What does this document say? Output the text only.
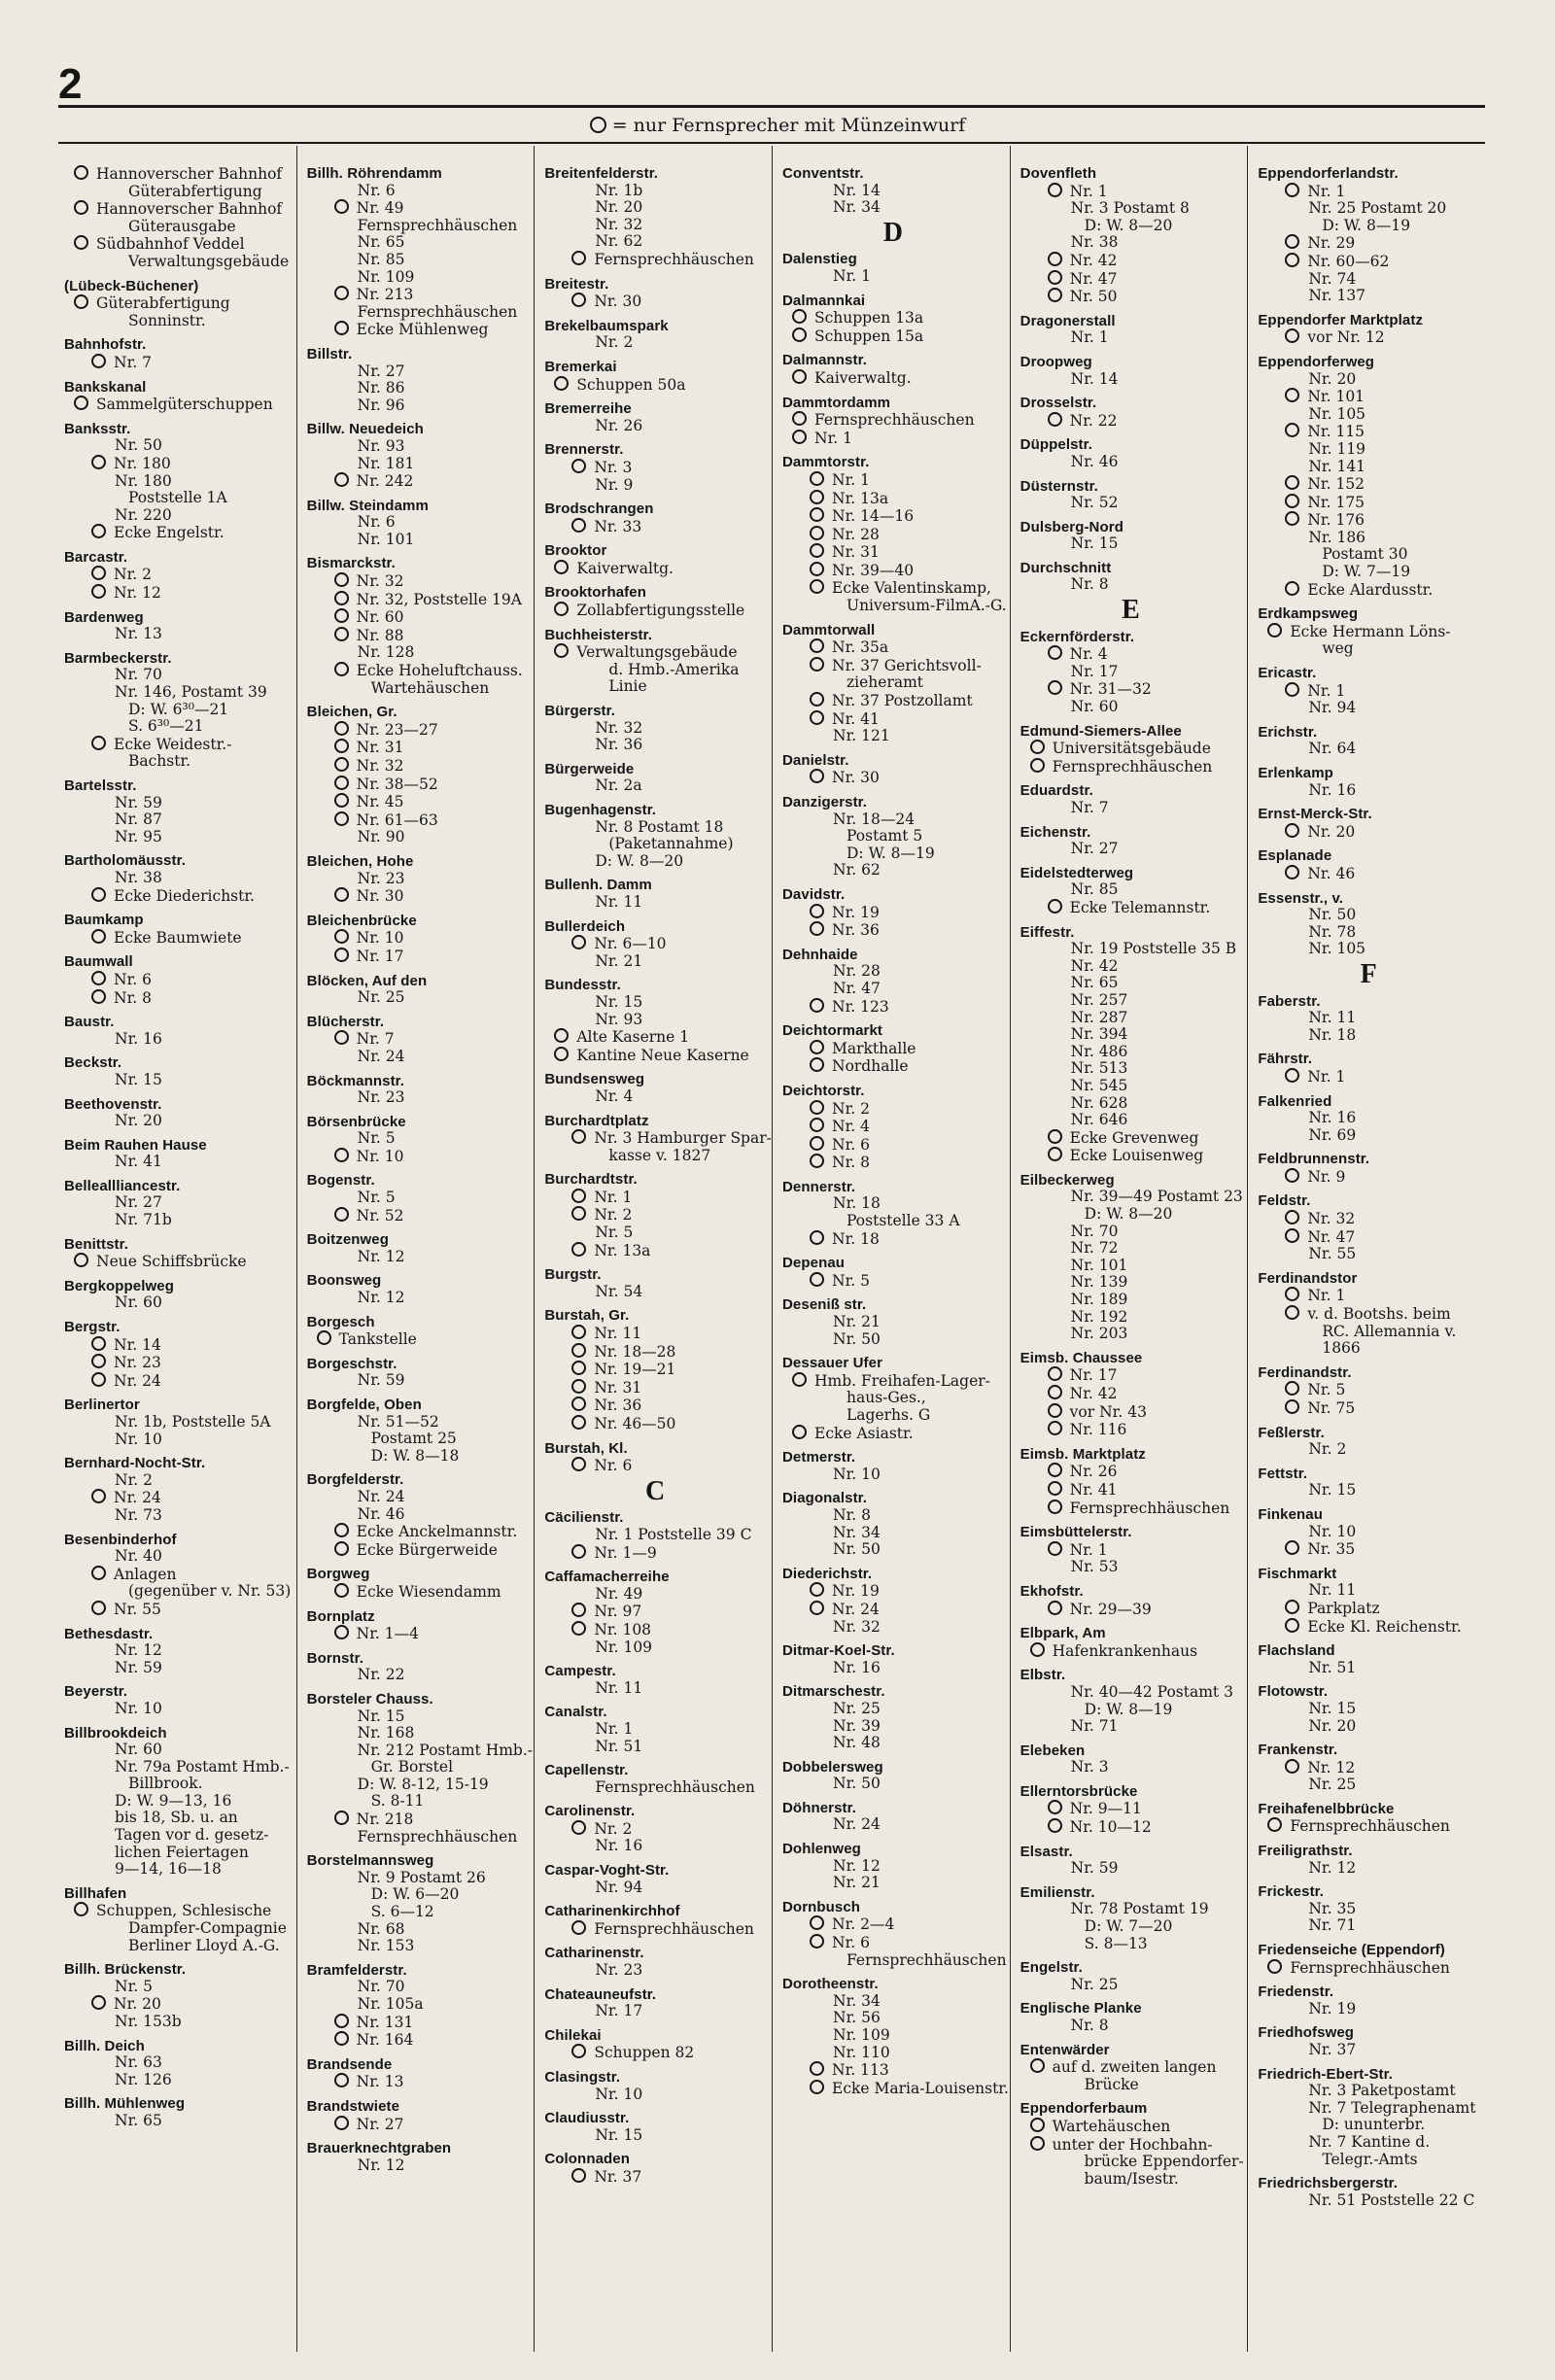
2
= nur Fernsprecher mit Münzeinwurf
Hannoverscher Bahnhof
Güterabfertigung
Hannoverscher Bahnhof
Güterausgabe
Südbahnhof Veddel
Verwaltungsgebäude
(Lübeck-Büchener)
Güterabfertigung
Sonninstr.
Bahnhofstr.
Nr. 7
Bankskanal
Sammelgüterschuppen
Banksstr.
Nr. 50
Nr. 180
Nr. 180
Poststelle 1A
Nr. 220
Ecke Engelstr.
Barcastr.
Nr. 2
Nr. 12
Bardenweg
Nr. 13
Barmbeckerstr.
Nr. 70
Nr. 146, Postamt 39
D: W. 6³⁰—21
S. 6³⁰—21
Ecke Weidestr.-
Bachstr.
Bartelsstr.
Nr. 59
Nr. 87
Nr. 95
Bartholomäusstr.
Nr. 38
Ecke Diederichstr.
Baumkamp
Ecke Baumwiete
Baumwall
Nr. 6
Nr. 8
Baustr.
Nr. 16
Beckstr.
Nr. 15
Beethovenstr.
Nr. 20
Beim Rauhen Hause
Nr. 41
Belleallliancestr.
Nr. 27
Nr. 71b
Benittstr.
Neue Schiffsbrücke
Bergkoppelweg
Nr. 60
Bergstr.
Nr. 14
Nr. 23
Nr. 24
Berlinertor
Nr. 1b, Poststelle 5A
Nr. 10
Bernhard-Nocht-Str.
Nr. 2
Nr. 24
Nr. 73
Besenbinderhof
Nr. 40
Anlagen
(gegenüber v. Nr. 53)
Nr. 55
Bethesdastr.
Nr. 12
Nr. 59
Beyerstr.
Nr. 10
Billbrookdeich
Nr. 60
Nr. 79a Postamt Hmb.-
Billbrook.
D: W. 9—13, 16
bis 18, Sb. u. an
Tagen vor d. gesetz-
lichen Feiertagen
9—14, 16—18
Billhafen
Schuppen, Schlesische
Dampfer-Compagnie
Berliner Lloyd A.-G.
Billh. Brückenstr.
Nr. 5
Nr. 20
Nr. 153b
Billh. Deich
Nr. 63
Nr. 126
Billh. Mühlenweg
Nr. 65
Billh. Röhrendamm
Nr. 6
Nr. 49
Fernsprechhäuschen
Nr. 65
Nr. 85
Nr. 109
Nr. 213
Fernsprechhäuschen
Ecke Mühlenweg
Billstr.
Nr. 27
Nr. 86
Nr. 96
Billw. Neuedeich
Nr. 93
Nr. 181
Nr. 242
Billw. Steindamm
Nr. 6
Nr. 101
Bismarckstr.
Nr. 32
Nr. 32, Poststelle 19A
Nr. 60
Nr. 88
Nr. 128
Ecke Hoheluftchauss.
Wartehäuschen
Bleichen, Gr.
Nr. 23—27
Nr. 31
Nr. 32
Nr. 38—52
Nr. 45
Nr. 61—63
Nr. 90
Bleichen, Hohe
Nr. 23
Nr. 30
Bleichenbrücke
Nr. 10
Nr. 17
Blöcken, Auf den
Nr. 25
Blücherstr.
Nr. 7
Nr. 24
Böckmannstr.
Nr. 23
Börsenbrücke
Nr. 5
Nr. 10
Bogenstr.
Nr. 5
Nr. 52
Boitzenweg
Nr. 12
Boonsweg
Nr. 12
Borgesch
Tankstelle
Borgeschstr.
Nr. 59
Borgfelde, Oben
Nr. 51—52
Postamt 25
D: W. 8—18
Borgfelderstr.
Nr. 24
Nr. 46
Ecke Anckelmannstr.
Ecke Bürgerweide
Borgweg
Ecke Wiesendamm
Bornplatz
Nr. 1—4
Bornstr.
Nr. 22
Borsteler Chauss.
Nr. 15
Nr. 168
Nr. 212 Postamt Hmb.-
Gr. Borstel
D: W. 8-12, 15-19
S. 8-11
Nr. 218
Fernsprechhäuschen
Borstelmannsweg
Nr. 9 Postamt 26
D: W. 6—20
S. 6—12
Nr. 68
Nr. 153
Bramfelderstr.
Nr. 70
Nr. 105a
Nr. 131
Nr. 164
Brandsende
Nr. 13
Brandstwiete
Nr. 27
Brauerknechtgraben
Nr. 12
Breitenfelderstr.
Nr. 1b
Nr. 20
Nr. 32
Nr. 62
Fernsprechhäuschen
Breitestr.
Nr. 30
Brekelbaumspark
Nr. 2
Bremerkai
Schuppen 50a
Bremerreihe
Nr. 26
Brennerstr.
Nr. 3
Nr. 9
Brodschrangen
Nr. 33
Brooktor
Kaiverwaltg.
Brooktorhafen
Zollabfertigungsstelle
Buchheisterstr.
Verwaltungsgebäude
d. Hmb.-Amerika
Linie
Bürgerstr.
Nr. 32
Nr. 36
Bürgerweide
Nr. 2a
Bugenhagenstr.
Nr. 8 Postamt 18
(Paketannahme)
D: W. 8—20
Bullenh. Damm
Nr. 11
Bullerdeich
Nr. 6—10
Nr. 21
Bundesstr.
Nr. 15
Nr. 93
Alte Kaserne 1
Kantine Neue Kaserne
Bundsensweg
Nr. 4
Burchardtplatz
Nr. 3 Hamburger Spar-
kasse v. 1827
Burchardtstr.
Nr. 1
Nr. 2
Nr. 5
Nr. 13a
Burgstr.
Nr. 54
Burstah, Gr.
Nr. 11
Nr. 18—28
Nr. 19—21
Nr. 31
Nr. 36
Nr. 46—50
Burstah, Kl.
Nr. 6
C
Cäcilienstr.
Nr. 1 Poststelle 39 C
Nr. 1—9
Caffamacherreihe
Nr. 49
Nr. 97
Nr. 108
Nr. 109
Campestr.
Nr. 11
Canalstr.
Nr. 1
Nr. 51
Capellenstr.
Fernsprechhäuschen
Carolinenstr.
Nr. 2
Nr. 16
Caspar-Voght-Str.
Nr. 94
Catharinenkirchhof
Fernsprechhäuschen
Catharinenstr.
Nr. 23
Chateauneufstr.
Nr. 17
Chilekai
Schuppen 82
Clasingstr.
Nr. 10
Claudiusstr.
Nr. 15
Colonnaden
Nr. 37
Conventstr.
Nr. 14
Nr. 34
D
Dalenstieg
Nr. 1
Dalmannkai
Schuppen 13a
Schuppen 15a
Dalmannstr.
Kaiverwaltg.
Dammtordamm
Fernsprechhäuschen
Nr. 1
Dammtorstr.
Nr. 1
Nr. 13a
Nr. 14—16
Nr. 28
Nr. 31
Nr. 39—40
Ecke Valentinskamp,
Universum-FilmA.-G.
Dammtorwall
Nr. 35a
Nr. 37 Gerichtsvoll-
zieheramt
Nr. 37 Postzollamt
Nr. 41
Nr. 121
Danielstr.
Nr. 30
Danzigerstr.
Nr. 18—24
Postamt 5
D: W. 8—19
Nr. 62
Davidstr.
Nr. 19
Nr. 36
Dehnhaide
Nr. 28
Nr. 47
Nr. 123
Deichtormarkt
Markthalle
Nordhalle
Deichtorstr.
Nr. 2
Nr. 4
Nr. 6
Nr. 8
Dennerstr.
Nr. 18
Poststelle 33 A
Nr. 18
Depenau
Nr. 5
Deseniß str.
Nr. 21
Nr. 50
Dessauer Ufer
Hmb. Freihafen-Lager-
haus-Ges.,
Lagerhs. G
Ecke Asiastr.
Detmerstr.
Nr. 10
Diagonalstr.
Nr. 8
Nr. 34
Nr. 50
Diederichstr.
Nr. 19
Nr. 24
Nr. 32
Ditmar-Koel-Str.
Nr. 16
Ditmarschestr.
Nr. 25
Nr. 39
Nr. 48
Dobbelersweg
Nr. 50
Döhnerstr.
Nr. 24
Dohlenweg
Nr. 12
Nr. 21
Dornbusch
Nr. 2—4
Nr. 6
Fernsprechhäuschen
Dorotheenstr.
Nr. 34
Nr. 56
Nr. 109
Nr. 110
Nr. 113
Ecke Maria-Louisenstr.
Dovenfleth
Nr. 1
Nr. 3 Postamt 8
D: W. 8—20
Nr. 38
Nr. 42
Nr. 47
Nr. 50
Dragonerstall
Nr. 1
Droopweg
Nr. 14
Drosselstr.
Nr. 22
Düppelstr.
Nr. 46
Düsternstr.
Nr. 52
Dulsberg-Nord
Nr. 15
Durchschnitt
Nr. 8
E
Eckernförderstr.
Nr. 4
Nr. 17
Nr. 31—32
Nr. 60
Edmund-Siemers-Allee
Universitätsgebäude
Fernsprechhäuschen
Eduardstr.
Nr. 7
Eichenstr.
Nr. 27
Eidelstedterweg
Nr. 85
Ecke Telemannstr.
Eiffestr.
Nr. 19 Poststelle 35 B
Nr. 42
Nr. 65
Nr. 257
Nr. 287
Nr. 394
Nr. 486
Nr. 513
Nr. 545
Nr. 628
Nr. 646
Ecke Grevenweg
Ecke Louisenweg
Eilbeckerweg
Nr. 39—49 Postamt 23
D: W. 8—20
Nr. 70
Nr. 72
Nr. 101
Nr. 139
Nr. 189
Nr. 192
Nr. 203
Eimsb. Chaussee
Nr. 17
Nr. 42
vor Nr. 43
Nr. 116
Eimsb. Marktplatz
Nr. 26
Nr. 41
Fernsprechhäuschen
Eimsbüttelerstr.
Nr. 1
Nr. 53
Ekhofstr.
Nr. 29—39
Elbpark, Am
Hafenkrankenhaus
Elbstr.
Nr. 40—42 Postamt 3
D: W. 8—19
Nr. 71
Elebeken
Nr. 3
Ellerntorsbrücke
Nr. 9—11
Nr. 10—12
Elsastr.
Nr. 59
Emilienstr.
Nr. 78 Postamt 19
D: W. 7—20
S. 8—13
Engelstr.
Nr. 25
Englische Planke
Nr. 8
Entenwärder
auf d. zweiten langen
Brücke
Eppendorferbaum
Wartehäuschen
unter der Hochbahn-
brücke Eppendorfer-
baum/Isestr.
Eppendorferlandstr.
Nr. 1
Nr. 25 Postamt 20
D: W. 8—19
Nr. 29
Nr. 60—62
Nr. 74
Nr. 137
Eppendorfer Marktplatz
vor Nr. 12
Eppendorferweg
Nr. 20
Nr. 101
Nr. 105
Nr. 115
Nr. 119
Nr. 141
Nr. 152
Nr. 175
Nr. 176
Nr. 186
Postamt 30
D: W. 7—19
Ecke Alardusstr.
Erdkampsweg
Ecke Hermann Löns-
weg
Ericastr.
Nr. 1
Nr. 94
Erichstr.
Nr. 64
Erlenkamp
Nr. 16
Ernst-Merck-Str.
Nr. 20
Esplanade
Nr. 46
Essenstr., v.
Nr. 50
Nr. 78
Nr. 105
F
Faberstr.
Nr. 11
Nr. 18
Fährstr.
Nr. 1
Falkenried
Nr. 16
Nr. 69
Feldbrunnenstr.
Nr. 9
Feldstr.
Nr. 32
Nr. 47
Nr. 55
Ferdinandstor
Nr. 1
v. d. Bootshs. beim
RC. Allemannia v.
1866
Ferdinandstr.
Nr. 5
Nr. 75
Feßlerstr.
Nr. 2
Fettstr.
Nr. 15
Finkenau
Nr. 10
Nr. 35
Fischmarkt
Nr. 11
Parkplatz
Ecke Kl. Reichenstr.
Flachsland
Nr. 51
Flotowstr.
Nr. 15
Nr. 20
Frankenstr.
Nr. 12
Nr. 25
Freihafenelbbrücke
Fernsprechhäuschen
Freiligrathstr.
Nr. 12
Frickestr.
Nr. 35
Nr. 71
Friedenseiche (Eppendorf)
Fernsprechhäuschen
Friedenstr.
Nr. 19
Friedhofsweg
Nr. 37
Friedrich-Ebert-Str.
Nr. 3 Paketpostamt
Nr. 7 Telegraphenamt
D: ununterbr.
Nr. 7 Kantine d.
Telegr.-Amts
Friedrichsbergerstr.
Nr. 51 Poststelle 22 C
